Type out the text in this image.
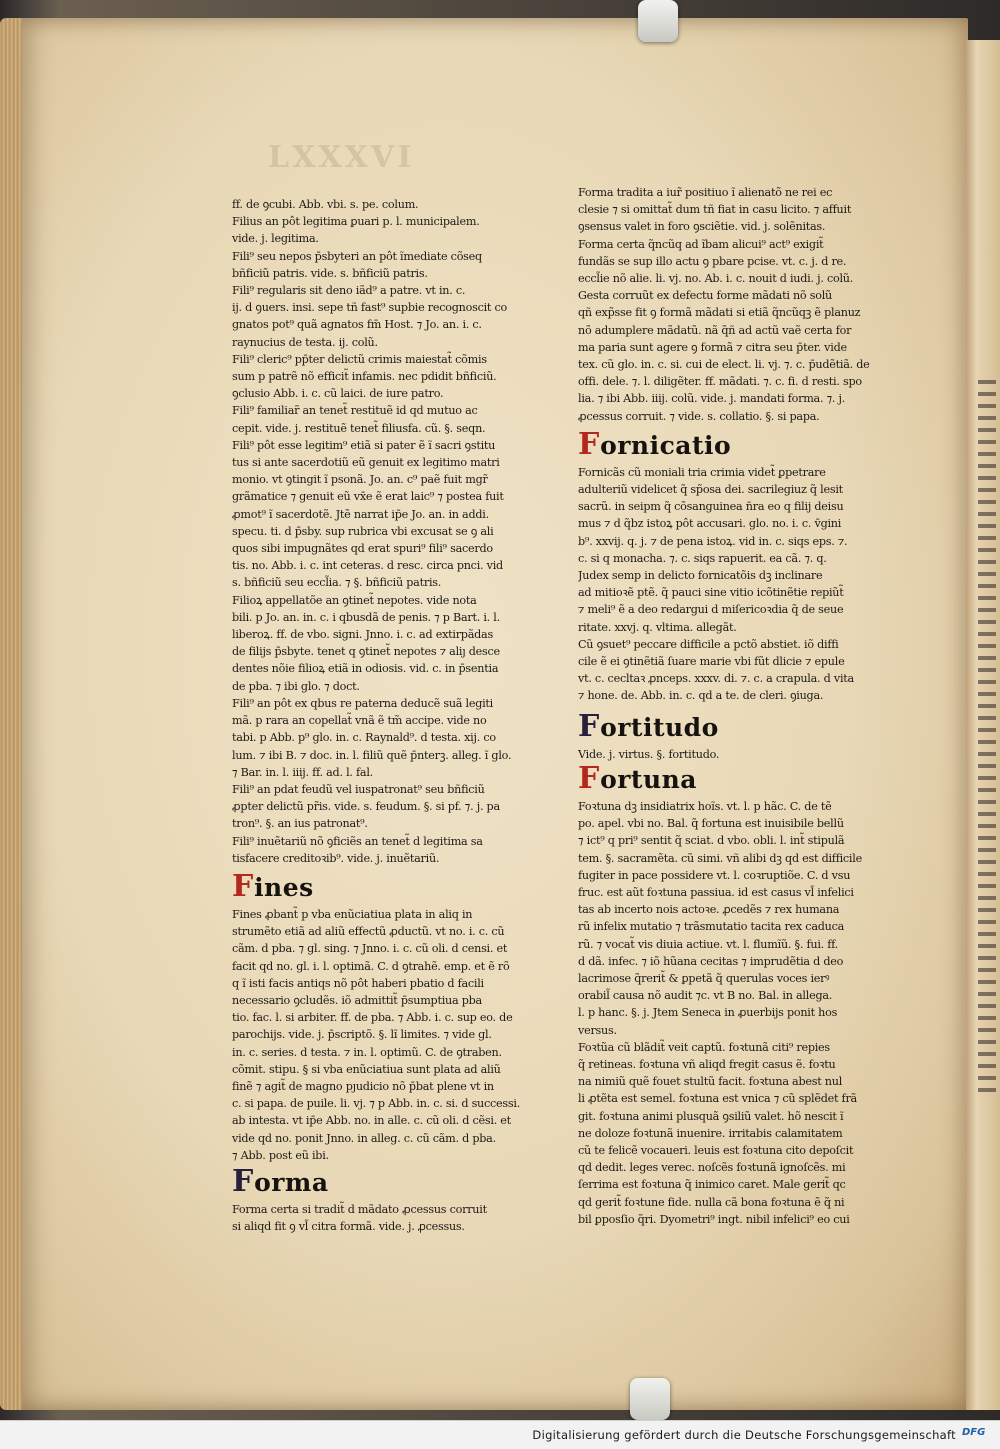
LXXXVI
ff. de ꝯcubi. Abb. vbi. s. pe. colum.
Filius an pôt legitima ꝑuari p. l. municipalem.
vide. j. legitima.
Fili⁹ seu nepos p̄sbyteri an pôt ĩmediate cõseq
bñficiũ patris. vide. s. bñficiũ patris.
Fili⁹ regularis sit deno iãd⁹ a patre. vt in. c.
ij. d ꝯuers. insi. sepe tñ fast⁹ supbie recognoscit co
gnatos pot⁹ quã agnatos fm̄ Host. ⁊ Jo. an. i. c.
raynucius de testa. ij. colũ.
Fili⁹ cleric⁹ pp̄ter delictũ crimis maiestat̃ cõmis
sum p patrẽ nõ efficit̃ infamis. nec pdidit bñficiũ.
ꝯclusio Abb. i. c. cũ laici. de iure patro.
Fili⁹ familiar̃ an tenet̃ restituẽ id qd mutuo ac
cepit. vide. j. restituẽ tenet̃ filiusfa. cũ. §. seqn.
Fili⁹ pôt esse legitim⁹ etiã si pater ẽ ĩ sacri ꝯstitu
tus si ante sacerdotiũ eũ genuit ex legitimo matri
monio. vt ꝯtingit ĩ psonã. Jo. an. c⁹ paẽ fuit mgr̃
grãmatice ⁊ genuit eũ vx̄e ẽ erat laic⁹ ⁊ postea fuit
ꝓmot⁹ ĩ sacerdotẽ. Jtẽ narrat ip̄e Jo. an. in addi.
specu. ti. d p̄sby. sup rubrica vbi excusat se ꝯ ali
quos sibi impugnãtes qd erat spuri⁹ fili⁹ sacerdo
tis. no. Abb. i. c. int ceteras. d resc. circa pnci. vid
s. bñficiũ seu eccl̃ia. ⁊ §. bñficiũ patris.
Filioꝝ appellatõe an ꝯtinet̃ nepotes. vide nota
bili. p Jo. an. in. c. i qbusdã de penis. ⁊ p Bart. i. l.
liberoꝝ. ff. de vbo. signi. Jnno. i. c. ad extirpãdas
de filijs p̄sbyte. tenet q ꝯtinet̃ nepotes ⁊ aliȷ desce
dentes nõie filioꝝ etiã in odiosis. vid. c. in p̄sentia
de pba. ⁊ ibi glo. ⁊ doct.
Fili⁹ an pôt ex qbus re paterna deducẽ suã legiti
mã. p rara an copellat̃ vnã ẽ tm̃ accipe. vide no
tabi. p Abb. p⁹ glo. in. c. Raynald⁹. d testa. xij. co
lum. ⁊ ibi B. ⁊ doc. in. l. filiũ quẽ p̄nterꝫ. alleg. ĩ glo.
⁊ Bar. in. l. iiij. ff. ad. l. fal.
Fili⁹ an pdat feudũ vel iuspatronat⁹ seu bñficiũ
ꝓpter delictũ pr̃is. vide. s. feudum. §. si pf. ⁊. j. pa
tron⁹. §. an ius patronat⁹.
Fili⁹ inuẽtariũ nõ ꝯficiẽs an tenet̃ d legitima sa
tisfacere creditoꝛib⁹. vide. j. inuẽtariũ.
F ines
Fines ꝓbant̃ p vba enũciatiua plata in aliq in
strumẽto etiã ad aliũ effectũ ꝓductũ. vt no. i. c. cũ
cãm. d pba. ⁊ gl. sing. ⁊ Jnno. i. c. cũ oli. d censi. et
facit qd no. gl. i. l. optimã. C. d ꝯtrahẽ. emp. et ẽ rõ
q ĩ isti facis antiqs nõ pôt haberi pbatio d facili
necessario ꝯcludẽs. iõ admittit̃ p̄sumptiua pba
tio. fac. l. si arbiter. ff. de pba. ⁊ Abb. i. c. sup eo. de
parochijs. vide. j. p̄scriptõ. §. lĩ limites. ⁊ vide gl.
in. c. series. d testa. ⁊ in. l. optimũ. C. de ꝯtraben.
cõmit. stipu. § si vba enũciatiua sunt plata ad aliũ
finẽ ⁊ agit̃ de magno pȷudicio nõ p̄bat plene vt in
c. si papa. de puile. li. vj. ⁊ p Abb. in. c. si. d successi.
ab intesta. vt ip̄e Abb. no. in alle. c. cũ oli. d cẽsi. et
vide qd no. ponit Jnno. in alleg. c. cũ cãm. d pba.
⁊ Abb. post eũ ibi.
F orma
Forma certa si tradit̃ d mãdato ꝓcessus corruit
si aliqd fit ꝯ vl̃ citra formã. vide. j. ꝓcessus.
Forma tradita a iur̃ positiuo ĩ alienatõ ne rei ec
clesie ⁊ si omittat̃ dum tñ fiat in casu licito. ⁊ affuit
ꝯsensus valet in foro ꝯsciẽtie. vid. j. solẽnitas.
Forma certa q̃ncũq ad ĩbam alicui⁹ act⁹ exigit̃
fundãs se sup illo actu ꝯ pbare pcise. vt. c. j. d re.
eccl̃ie nõ alie. li. vj. no. Ab. i. c. nouit d iudi. j. colũ.
Gesta corruũt ex defectu forme mãdati nõ solũ
qñ exp̃sse fit ꝯ formã mãdati si etiã q̃ncũqꝫ ẽ planuz
nõ adumplere mãdatũ. nã q̃ñ ad actũ vaẽ certa for
ma paria sunt agere ꝯ formã ⁊ citra seu p̄ter. vide
tex. cũ glo. in. c. si. cui de elect. li. vj. ⁊. c. p̄udẽtiã. de
offi. dele. ⁊. l. diligẽter. ff. mãdati. ⁊. c. fi. d resti. spo
lia. ⁊ ibi Abb. iiij. colũ. vide. j. mandati forma. ⁊. j.
ꝓcessus corruit. ⁊ vide. s. collatio. §. si papa.
F ornicatio
Fornicãs cũ moniali tria crimia videt̃ ꝑpetrare
adulteriũ videlicet q̃ sp̃osa dei. sacrilegiuz q̃ lesit
sacrũ. in seipm q̃ cõsanguinea n̄ra eo q filij deisu
mus ⁊ d q̃bz istoꝝ pôt accusari. glo. no. i. c. v̄gini
b⁹. xxvij. q. j. ⁊ de pena istoꝝ. vid in. c. siqs eps. ⁊.
c. si q monacha. ⁊. c. siqs rapuerit. ea cã. ⁊. q.
Judex semp in delicto fornicatõis dꝫ inclinare
ad mitioꝛẽ ptẽ. q̃ pauci sine vitio icõtinẽtie repiũt̃
⁊ meli⁹ ẽ a deo redargui d miſericoꝛdia q̃ de seue
ritate. xxvj. q. vltima. allegãt.
Cũ ꝯsuet⁹ peccare difficile a pctõ abstiet. iõ diffi
cile ẽ ei ꝯtinẽtiã ſuare marie vbi fũt dlicie ⁊ epule
vt. c. cecltaꝛ ꝓnceps. xxxv. di. ⁊. c. a crapula. d vita
⁊ hone. de. Abb. in. c. qd a te. de cleri. ꝯiuga.
F ortitudo
Vide. j. virtus. §. fortitudo.
F ortuna
Foꝛtuna dꝫ insidiatrix hoĩs. vt. l. p hãc. C. de tẽ
po. apel. vbi no. Bal. q̃ fortuna est inuisibile bellũ
⁊ ict⁹ q pri⁹ sentit q̃ sciat. d vbo. obli. l. int̃ stipulã
tem. §. sacramẽta. cũ simi. vñ alibi dꝫ qd est difficile
fugiter in pace possidere vt. l. coꝛruptiõe. C. d vsu
fruc. est aũt foꝛtuna passiua. id est casus vl̃ infelici
tas ab incerto nois actoꝛe. ꝓcedẽs ⁊ rex humana
rũ infelix mutatio ⁊ trãsmutatio tacita rex caduca
rũ. ⁊ vocat̃ vis diuia actiue. vt. l. flumĩũ. §. fui. ff.
d dã. infec. ⁊ iõ hũana cecitas ⁊ imprudẽtia d deo
lacrimose q̃rerit̃ & ꝑpetã q̃ querulas voces ierꝰ
orabil̃ causa nõ audit ⁊c. vt B no. Bal. in allega.
l. p hanc. §. j. Jtem Seneca in ꝓuerbijs ponit hos
versus.
Foꝛtũa cũ blãdit̃ veit captũ. foꝛtunã citi⁹ repies
q̃ retineas. foꝛtuna vñ aliqd fregit casus ẽ. foꝛtu
na nimiũ quẽ fouet stultũ facit. foꝛtuna abest nul
li ꝓtẽta est semel. foꝛtuna est vnica ⁊ cũ splẽdet frã
git. foꝛtuna animi plusquã ꝯsiliũ valet. hõ nescit ĩ
ne doloze foꝛtunã inuenire. irritabis calamitatem
cũ te felicẽ vocaueri. leuis est foꝛtuna cito depoſcit
qd dedit. leges verec. noſcẽs foꝛtunã ignoſcẽs. mi
ſerrima est foꝛtuna q̃ inimico caret. Male gerit̃ qc
qd gerit̃ foꝛtune fide. nulla cã bona foꝛtuna ẽ q̃ ni
bil ꝑposſio q̃ri. Dyometri⁹ ingt. nibil infelici⁹ eo cui
Digitalisierung gefördert durch die Deutsche Forschungsgemeinschaft DFG
